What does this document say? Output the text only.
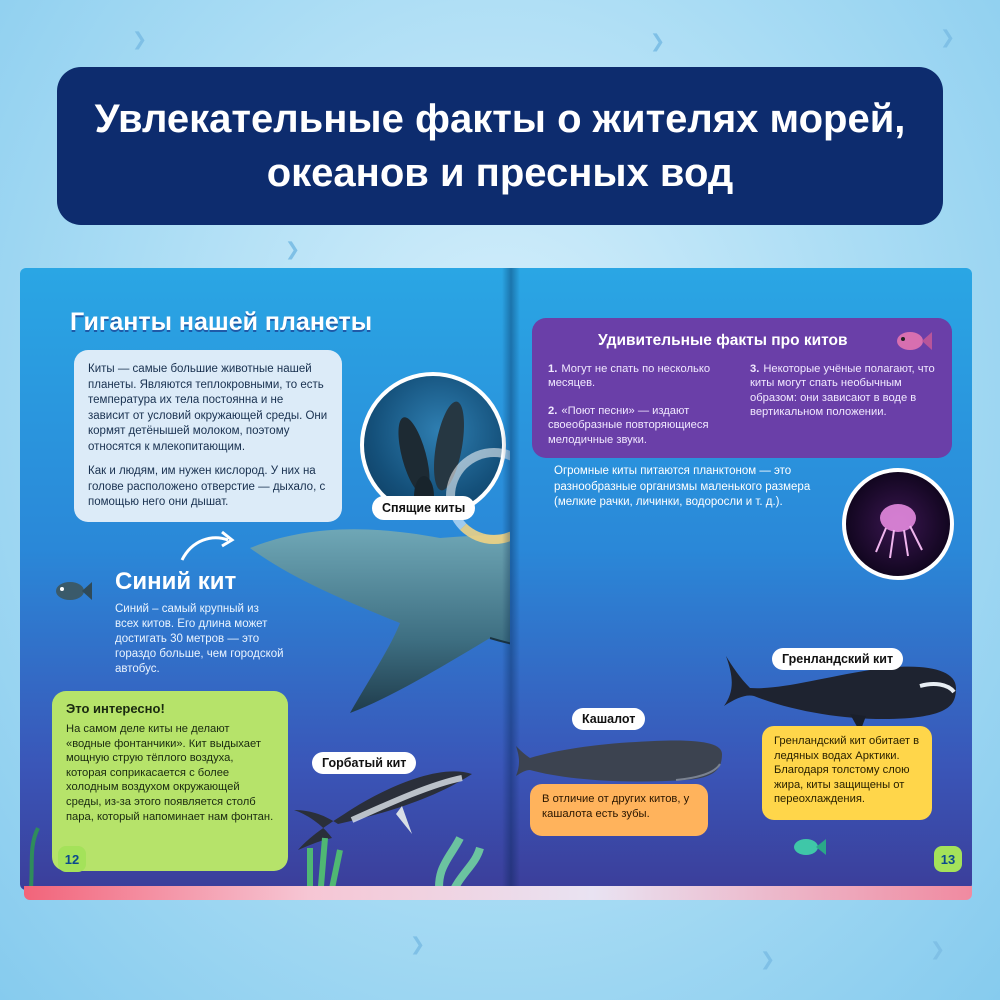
❯	❯	❯
❯
❯
❯	❯
Увлекательные факты о жителях морей, океанов и пресных вод
Гиганты нашей планеты

Киты — самые большие животные нашей планеты. Являются теплокровными, то есть температура их тела постоянна и не зависит от условий окружающей среды. Они кормят детёнышей молоком, поэтому относятся к млекопитающим.

Как и людям, им нужен кислород. У них на голове расположено отверстие — дыхало, с помощью него они дышат.	Спящие киты
Синий кит
Синий – самый крупный из всех китов. Его длина может достигать 30 метров — это гораздо больше, чем городской автобус.
Это интересно!
На самом деле киты не делают «водные фонтанчики». Кит выдыхает мощную струю тёплого воздуха, которая соприкасается с более холодным воздухом окружающей среды, из-за этого появляется столб пара, который напоминает нам фонтан.
Горбатый кит
12
Удивительные факты про китов
1. Могут не спать по несколько месяцев.
2. «Поют песни» — издают своеобразные повторяющиеся мелодичные звуки.
3. Некоторые учёные полагают, что киты могут спать необычным образом: они зависают в воде в вертикальном положении.
Огромные киты питаются планктоном — это разнообразные организмы маленького размера (мелкие рачки, личинки, водоросли и т. д.).
Гренландский кит
Гренландский кит обитает в ледяных водах Арктики. Благодаря толстому слою жира, киты защищены от переохлаждения.
Кашалот
В отличие от других китов, у кашалота есть зубы.
13
